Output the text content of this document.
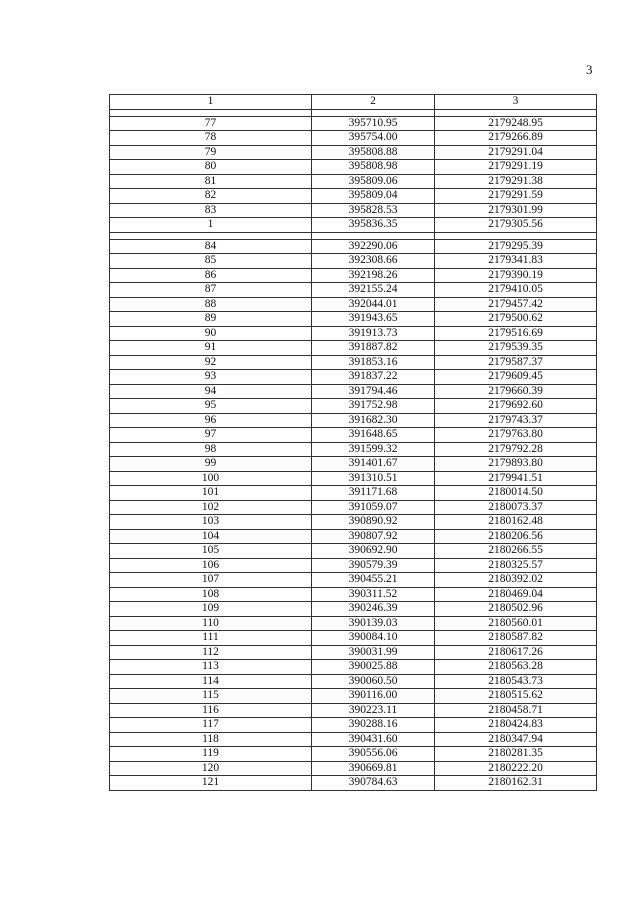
3
1	2	3

77	395710.95	2179248.95
78	395754.00	2179266.89
79	395808.88	2179291.04
80	395808.98	2179291.19
81	395809.06	2179291.38
82	395809.04	2179291.59
83	395828.53	2179301.99
1	395836.35	2179305.56

84	392290.06	2179295.39
85	392308.66	2179341.83
86	392198.26	2179390.19
87	392155.24	2179410.05
88	392044.01	2179457.42
89	391943.65	2179500.62
90	391913.73	2179516.69
91	391887.82	2179539.35
92	391853.16	2179587.37
93	391837.22	2179609.45
94	391794.46	2179660.39
95	391752.98	2179692.60
96	391682.30	2179743.37
97	391648.65	2179763.80
98	391599.32	2179792.28
99	391401.67	2179893.80
100	391310.51	2179941.51
101	391171.68	2180014.50
102	391059.07	2180073.37
103	390890.92	2180162.48
104	390807.92	2180206.56
105	390692.90	2180266.55
106	390579.39	2180325.57
107	390455.21	2180392.02
108	390311.52	2180469.04
109	390246.39	2180502.96
110	390139.03	2180560.01
111	390084.10	2180587.82
112	390031.99	2180617.26
113	390025.88	2180563.28
114	390060.50	2180543.73
115	390116.00	2180515.62
116	390223.11	2180458.71
117	390288.16	2180424.83
118	390431.60	2180347.94
119	390556.06	2180281.35
120	390669.81	2180222.20
121	390784.63	2180162.31
